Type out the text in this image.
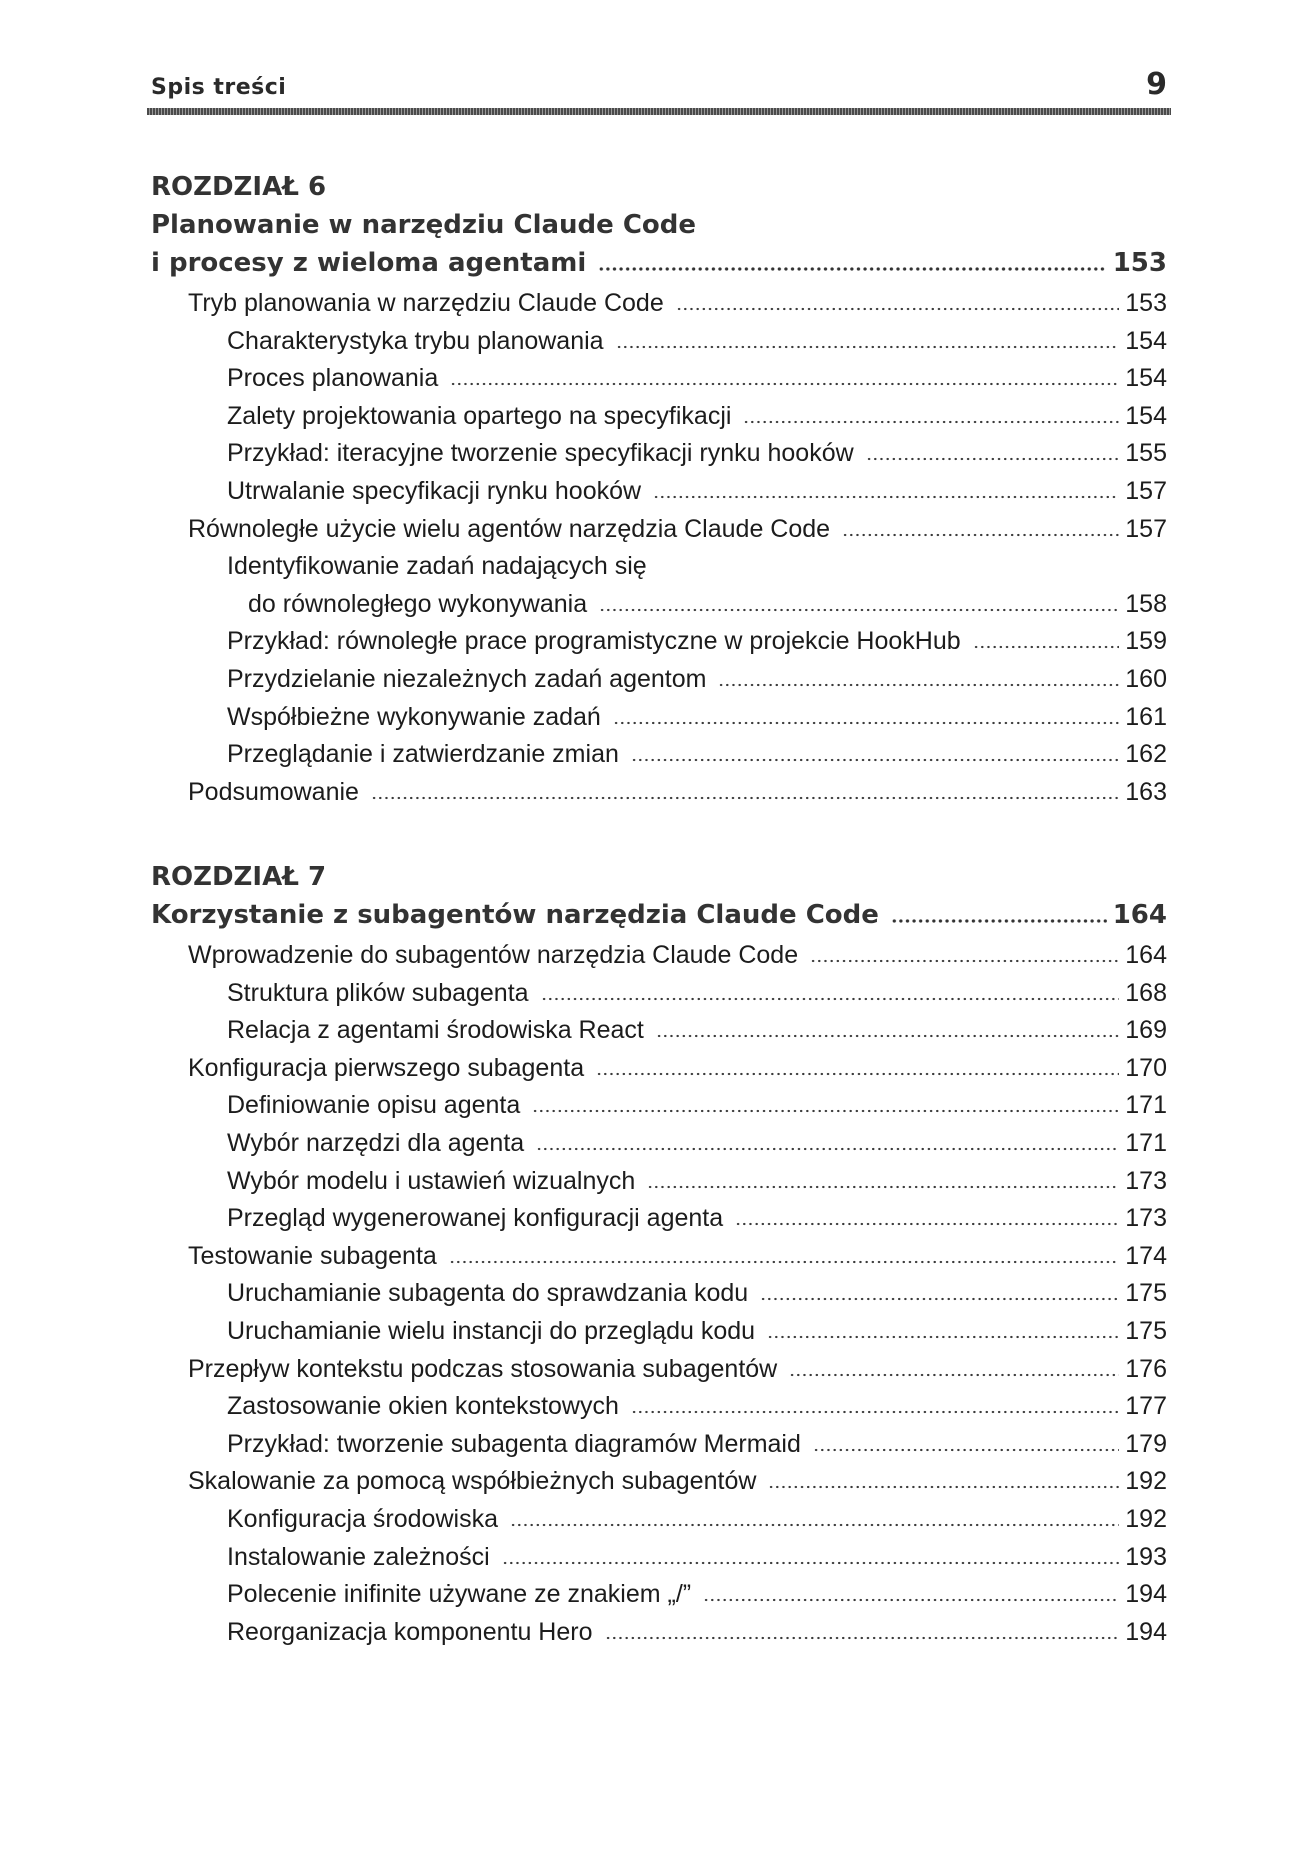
Spis treści	9
ROZDZIAŁ 6
Planowanie w narzędziu Claude Code
i procesy z wieloma agentami	153
Tryb planowania w narzędziu Claude Code	153
Charakterystyka trybu planowania	154
Proces planowania	154
Zalety projektowania opartego na specyfikacji	154
Przykład: iteracyjne tworzenie specyfikacji rynku hooków	155
Utrwalanie specyfikacji rynku hooków	157
Równoległe użycie wielu agentów narzędzia Claude Code	157
Identyfikowanie zadań nadających się
do równoległego wykonywania	158
Przykład: równoległe prace programistyczne w projekcie HookHub	159
Przydzielanie niezależnych zadań agentom	160
Współbieżne wykonywanie zadań	161
Przeglądanie i zatwierdzanie zmian	162
Podsumowanie	163
ROZDZIAŁ 7
Korzystanie z subagentów narzędzia Claude Code	164
Wprowadzenie do subagentów narzędzia Claude Code	164
Struktura plików subagenta	168
Relacja z agentami środowiska React	169
Konfiguracja pierwszego subagenta	170
Definiowanie opisu agenta	171
Wybór narzędzi dla agenta	171
Wybór modelu i ustawień wizualnych	173
Przegląd wygenerowanej konfiguracji agenta	173
Testowanie subagenta	174
Uruchamianie subagenta do sprawdzania kodu	175
Uruchamianie wielu instancji do przeglądu kodu	175
Przepływ kontekstu podczas stosowania subagentów	176
Zastosowanie okien kontekstowych	177
Przykład: tworzenie subagenta diagramów Mermaid	179
Skalowanie za pomocą współbieżnych subagentów	192
Konfiguracja środowiska	192
Instalowanie zależności	193
Polecenie inifinite używane ze znakiem „/”	194
Reorganizacja komponentu Hero	194
